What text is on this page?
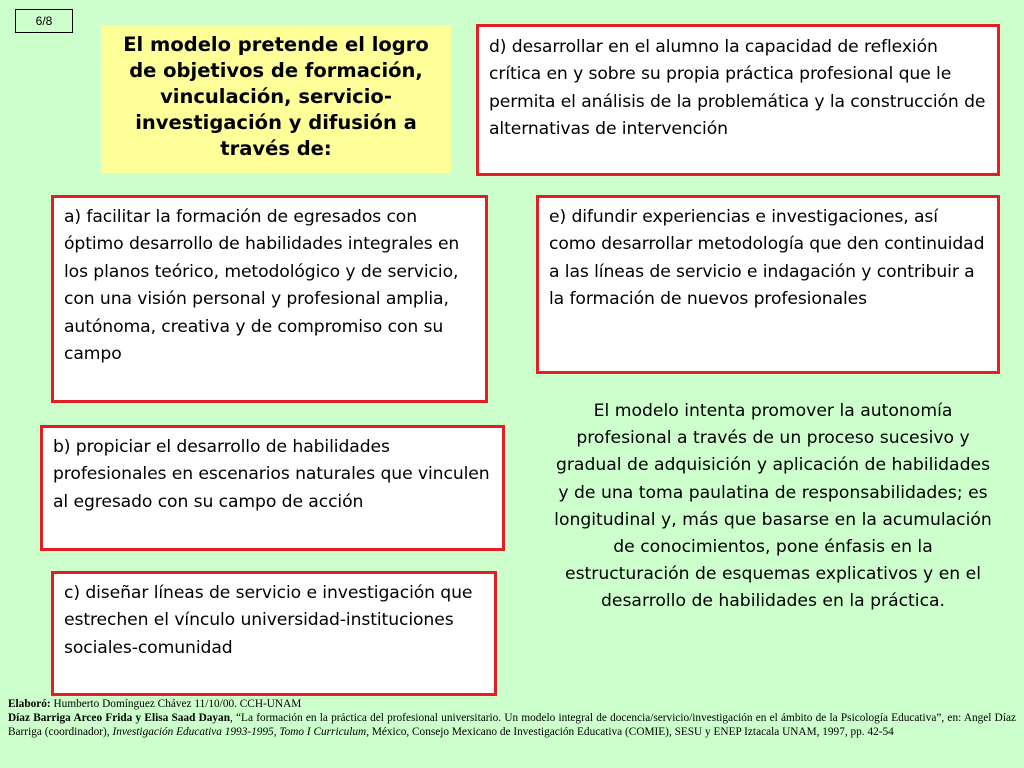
6/8
El modelo pretende el logro de objetivos de formación, vinculación, servicio-investigación y difusión a través de:
d) desarrollar en el alumno la capacidad de reflexión crítica en y sobre su propia práctica profesional que le permita el análisis de la problemática y la construcción de alternativas de intervención
a) facilitar la formación de egresados con óptimo desarrollo de habilidades integrales en los planos teórico, metodológico y de servicio, con una visión personal y profesional amplia, autónoma, creativa y de compromiso con su campo
e) difundir experiencias e investigaciones, así como desarrollar metodología que den continuidad a las líneas de servicio e indagación y contribuir a la formación de nuevos profesionales
b) propiciar el desarrollo de habilidades profesionales en escenarios naturales que vinculen al egresado con su campo de acción
c) diseñar líneas de servicio e investigación que estrechen el vínculo universidad-instituciones sociales-comunidad
El modelo intenta promover la autonomía profesional a través de un proceso sucesivo y gradual de adquisición y aplicación de habilidades y de una toma paulatina de responsabilidades; es longitudinal y, más que basarse en la acumulación de conocimientos, pone énfasis en la estructuración de esquemas explicativos y en el desarrollo de habilidades en la práctica.

Elaboró: Humberto Domínguez Chávez 11/10/00. CCH-UNAM

Díaz Barriga Arceo Frida y Elisa Saad Dayan, “La formación en la práctica del profesional universitario. Un modelo integral de docencia/servicio/investigación en el ámbito de la Psicología Educativa”, en: Angel Díaz Barriga (coordinador), Investigación Educativa 1993-1995, Tomo I Curriculum, México, Consejo Mexicano de Investigación Educativa (COMIE), SESU y ENEP Iztacala UNAM, 1997, pp. 42-54
